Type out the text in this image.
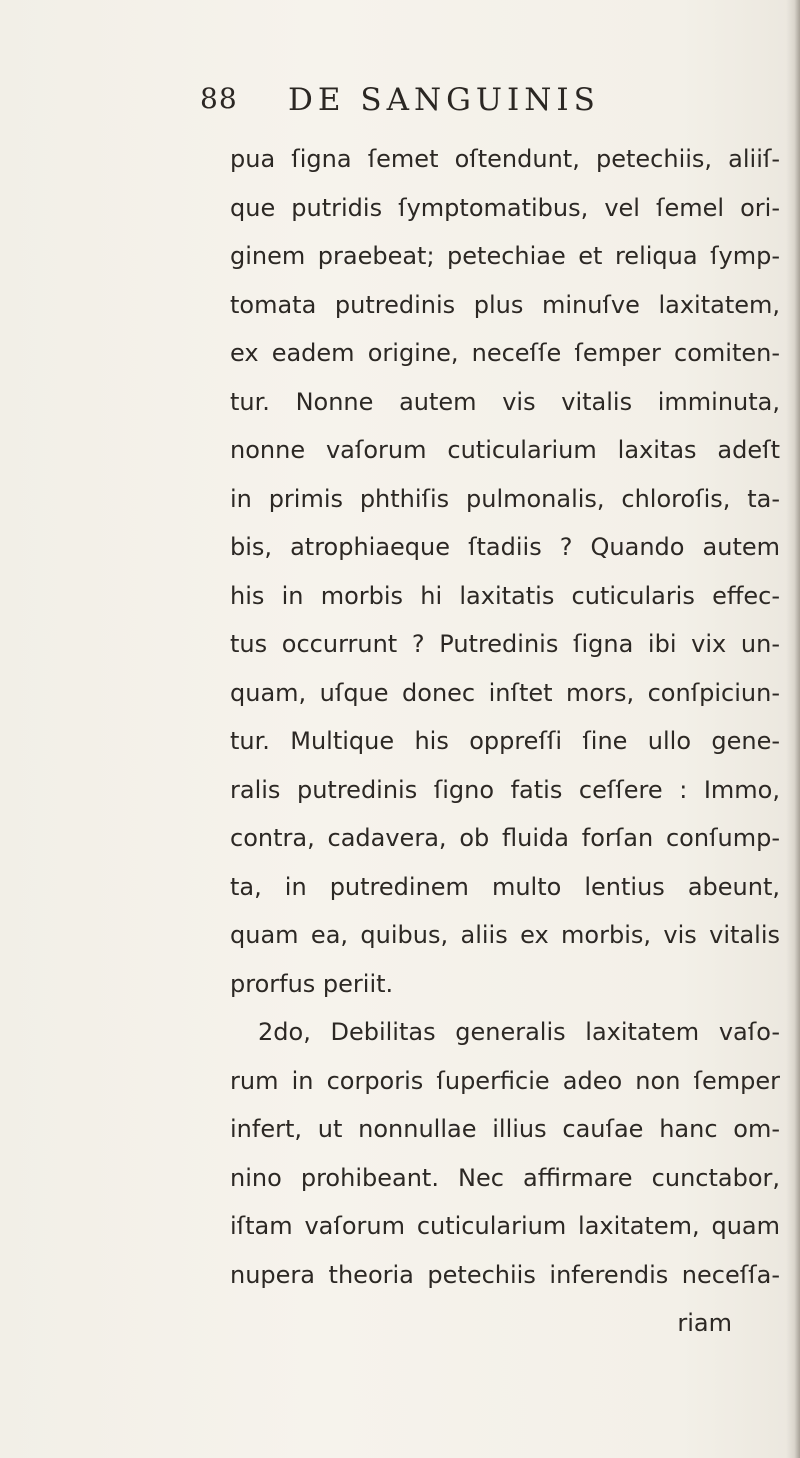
88 DE SANGUINIS
pua ſigna ſemet oſtendunt, petechiis, aliiſ-
que putridis ſymptomatibus, vel ſemel ori-
ginem praebeat; petechiae et reliqua ſymp-
tomata putredinis plus minuſve laxitatem,
ex eadem origine, neceſſe ſemper comiten-
tur. Nonne autem vis vitalis imminuta,
nonne vaſorum cuticularium laxitas adeſt
in primis phthiſis pulmonalis, chloroſis, ta-
bis, atrophiaeque ſtadiis ? Quando autem
his in morbis hi laxitatis cuticularis effec-
tus occurrunt ? Putredinis ſigna ibi vix un-
quam, uſque donec inſtet mors, conſpiciun-
tur. Multique his oppreſſi ſine ullo gene-
ralis putredinis ſigno fatis ceſſere : Immo,
contra, cadavera, ob fluida forſan conſump-
ta, in putredinem multo lentius abeunt,
quam ea, quibus, aliis ex morbis, vis vitalis
prorfus periit.
2do, Debilitas generalis laxitatem vaſo-
rum in corporis ſuperficie adeo non ſemper
infert, ut nonnullae illius cauſae hanc om-
nino prohibeant. Nec affirmare cunctabor,
iſtam vaſorum cuticularium laxitatem, quam
nupera theoria petechiis inferendis neceſſa-
riam
